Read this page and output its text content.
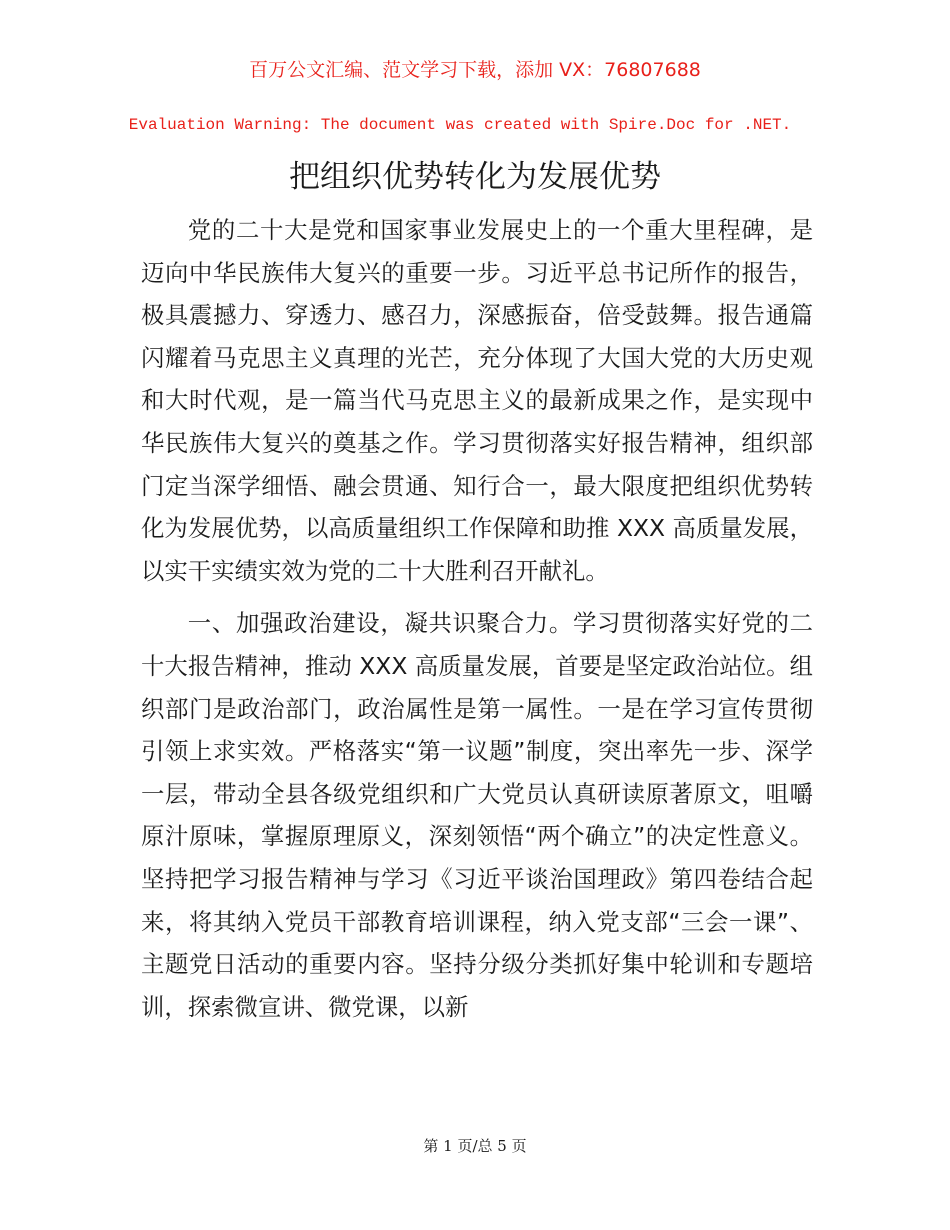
百万公文汇编、范文学习下载，添加 VX：76807688
Evaluation Warning: The document was created with Spire.Doc for .NET.
把组织优势转化为发展优势

党的二十大是党和国家事业发展史上的一个重大里程碑，是迈向中华民族伟大复兴的重要一步。习近平总书记所作的报告，极具震撼力、穿透力、感召力，深感振奋，倍受鼓舞。报告通篇闪耀着马克思主义真理的光芒，充分体现了大国大党的大历史观和大时代观，是一篇当代马克思主义的最新成果之作，是实现中华民族伟大复兴的奠基之作。学习贯彻落实好报告精神，组织部门定当深学细悟、融会贯通、知行合一，最大限度把组织优势转化为发展优势，以高质量组织工作保障和助推 XXX 高质量发展，以实干实绩实效为党的二十大胜利召开献礼。

一、加强政治建设，凝共识聚合力。学习贯彻落实好党的二十大报告精神，推动 XXX 高质量发展，首要是坚定政治站位。组织部门是政治部门，政治属性是第一属性。一是在学习宣传贯彻引领上求实效。严格落实“第一议题”制度，突出率先一步、深学一层，带动全县各级党组织和广大党员认真研读原著原文，咀嚼原汁原味，掌握原理原义，深刻领悟“两个确立”的决定性意义。坚持把学习报告精神与学习《习近平谈治国理政》第四卷结合起来，将其纳入党员干部教育培训课程，纳入党支部“三会一课”、主题党日活动的重要内容。坚持分级分类抓好集中轮训和专题培训，探索微宣讲、微党课，以新

第 1 页/总 5 页
